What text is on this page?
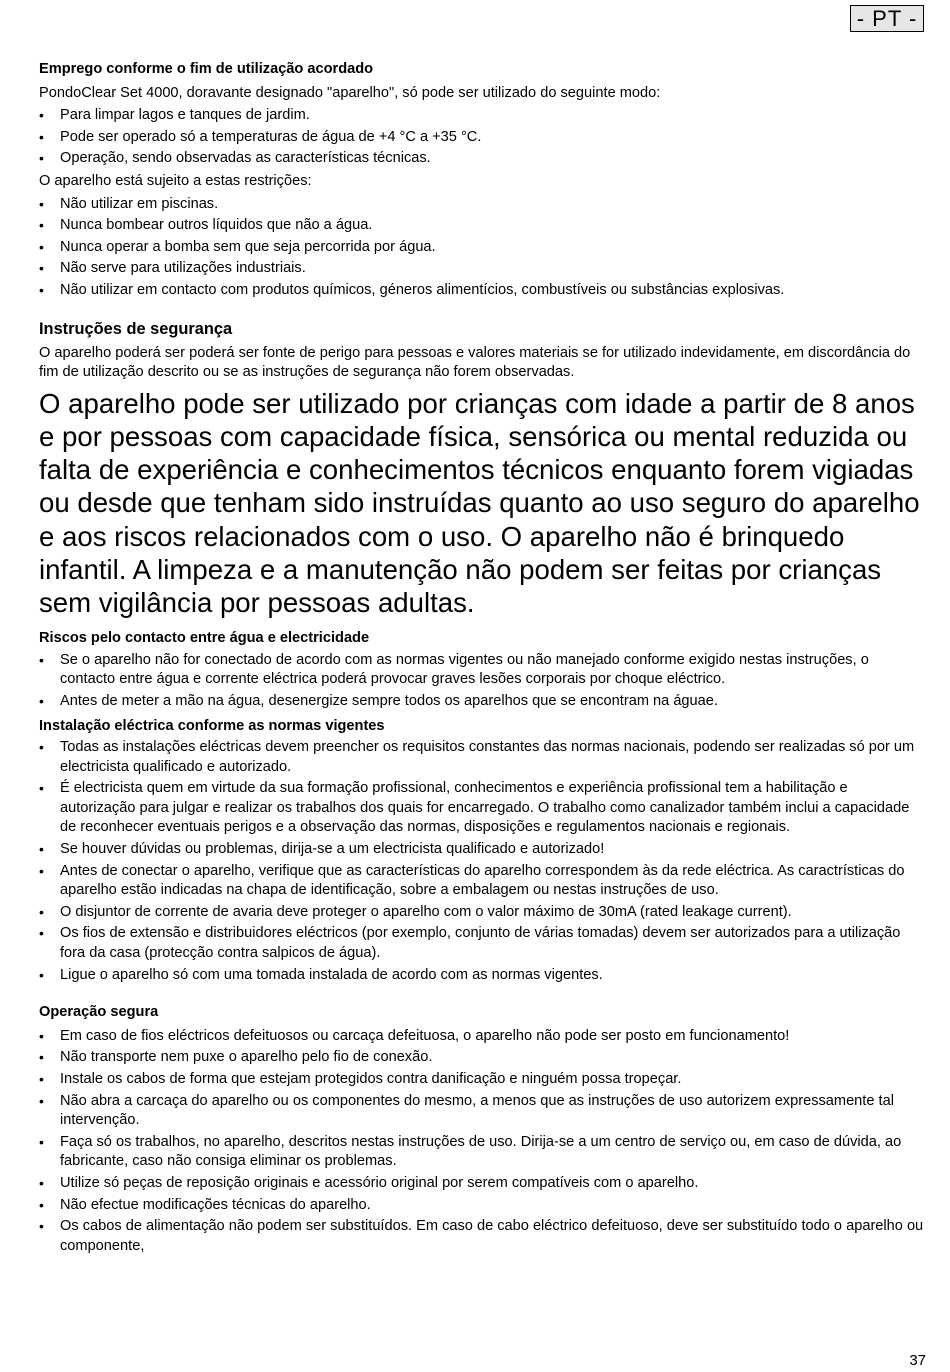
- PT -
Emprego conforme o fim de utilização acordado

PondoClear Set 4000, doravante designado "aparelho", só pode ser utilizado do seguinte modo:

• Para limpar lagos e tanques de jardim.
• Pode ser operado só a temperaturas de água de +4 °C a +35 °C.
• Operação, sendo observadas as características técnicas.

O aparelho está sujeito a estas restrições:

• Não utilizar em piscinas.
• Nunca bombear outros líquidos que não a água.
• Nunca operar a bomba sem que seja percorrida por água.
• Não serve para utilizações industriais.
• Não utilizar em contacto com produtos químicos, géneros alimentícios, combustíveis ou substâncias explosivas.
Instruções de segurança

O aparelho poderá ser poderá ser fonte de perigo para pessoas e valores materiais se for utilizado indevidamente, em discordância do fim de utilização descrito ou se as instruções de segurança não forem observadas.

O aparelho pode ser utilizado por crianças com idade a partir de 8 anos e por pessoas com capacidade física, sensórica ou mental reduzida ou falta de experiência e conhecimentos técnicos enquanto forem vigiadas ou desde que tenham sido instruídas quanto ao uso seguro do aparelho e aos riscos relacionados com o uso. O aparelho não é brinquedo infantil. A limpeza e a manutenção não podem ser feitas por crianças sem vigilância por pessoas adultas.

Riscos pelo contacto entre água e electricidade
• Se o aparelho não for conectado de acordo com as normas vigentes ou não manejado conforme exigido nestas instruções, o contacto entre água e corrente eléctrica poderá provocar graves lesões corporais por choque eléctrico.
• Antes de meter a mão na água, desenergize sempre todos os aparelhos que se encontram na águae.
Instalação eléctrica conforme as normas vigentes
• Todas as instalações eléctricas devem preencher os requisitos constantes das normas nacionais, podendo ser realizadas só por um electricista qualificado e autorizado.
• É electricista quem em virtude da sua formação profissional, conhecimentos e experiência profissional tem a habilitação e autorização para julgar e realizar os trabalhos dos quais for encarregado. O trabalho como canalizador também inclui a capacidade de reconhecer eventuais perigos e a observação das normas, disposições e regulamentos nacionais e regionais.
• Se houver dúvidas ou problemas, dirija-se a um electricista qualificado e autorizado!
• Antes de conectar o aparelho, verifique que as características do aparelho correspondem às da rede eléctrica. As caractrísticas do aparelho estão indicadas na chapa de identificação, sobre a embalagem ou nestas instruções de uso.
• O disjuntor de corrente de avaria deve proteger o aparelho com o valor máximo de 30mA (rated leakage current).
• Os fios de extensão e distribuidores eléctricos (por exemplo, conjunto de várias tomadas) devem ser autorizados para a utilização fora da casa (protecção contra salpicos de água).
• Ligue o aparelho só com uma tomada instalada de acordo com as normas vigentes.
Operação segura
• Em caso de fios eléctricos defeituosos ou carcaça defeituosa, o aparelho não pode ser posto em funcionamento!
• Não transporte nem puxe o aparelho pelo fio de conexão.
• Instale os cabos de forma que estejam protegidos contra danificação e ninguém possa tropeçar.
• Não abra a carcaça do aparelho ou os componentes do mesmo, a menos que as instruções de uso autorizem expressamente tal intervenção.
• Faça só os trabalhos, no aparelho, descritos nestas instruções de uso. Dirija-se a um centro de serviço ou, em caso de dúvida, ao fabricante, caso não consiga eliminar os problemas.
• Utilize só peças de reposição originais e acessório original por serem compatíveis com o aparelho.
• Não efectue modificações técnicas do aparelho.
• Os cabos de alimentação não podem ser substituídos. Em caso de cabo eléctrico defeituoso, deve ser substituído todo o aparelho ou componente,
37
